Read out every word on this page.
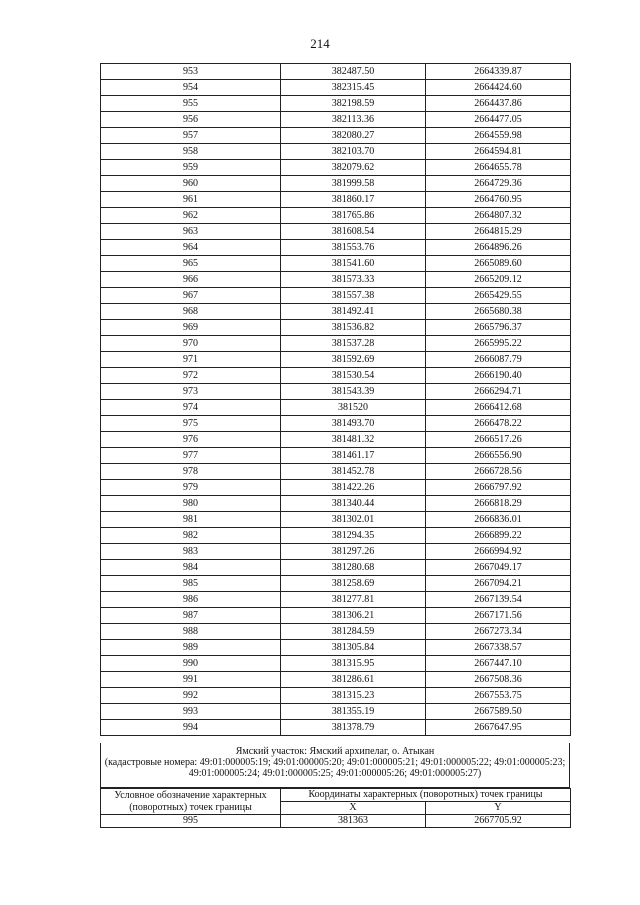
214
953	382487.50	2664339.87
954	382315.45	2664424.60
955	382198.59	2664437.86
956	382113.36	2664477.05
957	382080.27	2664559.98
958	382103.70	2664594.81
959	382079.62	2664655.78
960	381999.58	2664729.36
961	381860.17	2664760.95
962	381765.86	2664807.32
963	381608.54	2664815.29
964	381553.76	2664896.26
965	381541.60	2665089.60
966	381573.33	2665209.12
967	381557.38	2665429.55
968	381492.41	2665680.38
969	381536.82	2665796.37
970	381537.28	2665995.22
971	381592.69	2666087.79
972	381530.54	2666190.40
973	381543.39	2666294.71
974	381520	2666412.68
975	381493.70	2666478.22
976	381481.32	2666517.26
977	381461.17	2666556.90
978	381452.78	2666728.56
979	381422.26	2666797.92
980	381340.44	2666818.29
981	381302.01	2666836.01
982	381294.35	2666899.22
983	381297.26	2666994.92
984	381280.68	2667049.17
985	381258.69	2667094.21
986	381277.81	2667139.54
987	381306.21	2667171.56
988	381284.59	2667273.34
989	381305.84	2667338.57
990	381315.95	2667447.10
991	381286.61	2667508.36
992	381315.23	2667553.75
993	381355.19	2667589.50
994	381378.79	2667647.95
Ямский участок: Ямский архипелаг, о. Атыкан
(кадастровые номера: 49:01:000005:19; 49:01:000005:20; 49:01:000005:21; 49:01:000005:22; 49:01:000005:23;
49:01:000005:24; 49:01:000005:25; 49:01:000005:26; 49:01:000005:27)
Условное обозначение характерных (поворотных) точек границы	Координаты характерных (поворотных) точек границы	
	X	Y
995	381363	2667705.92
